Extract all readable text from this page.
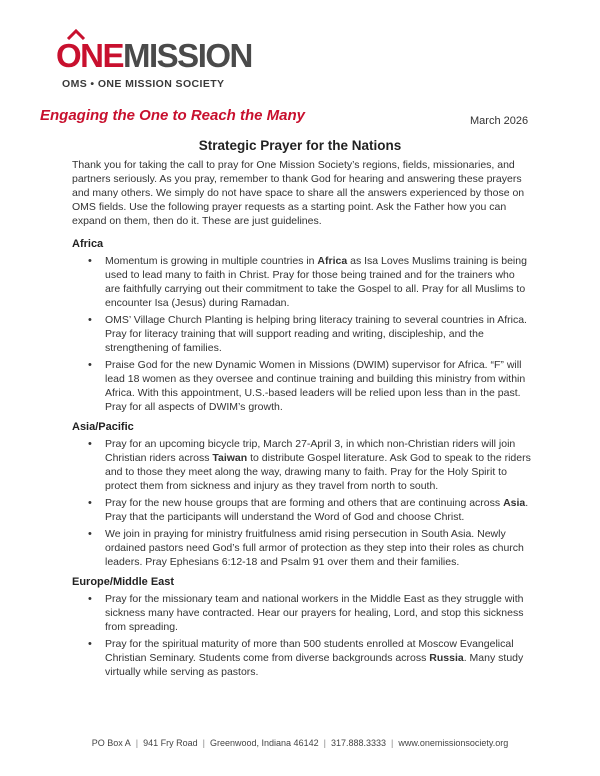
ONEMISSION
OMS • ONE MISSION SOCIETY
Engaging the One to Reach the Many	March 2026
Strategic Prayer for the Nations

Thank you for taking the call to pray for One Mission Society’s regions, fields, missionaries, and partners seriously. As you pray, remember to thank God for hearing and answering these prayers and many others. We simply do not have space to share all the answers experienced by those on OMS fields. Use the following prayer requests as a starting point. Ask the Father how you can expand on them, then do it. These are just guidelines.

Africa
• Momentum is growing in multiple countries in Africa as Isa Loves Muslims training is being used to lead many to faith in Christ. Pray for those being trained and for the trainers who are faithfully carrying out their commitment to take the Gospel to all. Pray for all Muslims to encounter Isa (Jesus) during Ramadan.
• OMS’ Village Church Planting is helping bring literacy training to several countries in Africa. Pray for literacy training that will support reading and writing, discipleship, and the strengthening of families.
• Praise God for the new Dynamic Women in Missions (DWIM) supervisor for Africa. “F” will lead 18 women as they oversee and continue training and building this ministry from within Africa. With this appointment, U.S.-based leaders will be relied upon less than in the past. Pray for all aspects of DWIM’s growth.
Asia/Pacific
• Pray for an upcoming bicycle trip, March 27-April 3, in which non-Christian riders will join Christian riders across Taiwan to distribute Gospel literature. Ask God to speak to the riders and to those they meet along the way, drawing many to faith. Pray for the Holy Spirit to protect them from sickness and injury as they travel from north to south.
• Pray for the new house groups that are forming and others that are continuing across Asia. Pray that the participants will understand the Word of God and choose Christ.
• We join in praying for ministry fruitfulness amid rising persecution in South Asia. Newly ordained pastors need God’s full armor of protection as they step into their roles as church leaders. Pray Ephesians 6:12-18 and Psalm 91 over them and their families.
Europe/Middle East
• Pray for the missionary team and national workers in the Middle East as they struggle with sickness many have contracted. Hear our prayers for healing, Lord, and stop this sickness from spreading.
• Pray for the spiritual maturity of more than 500 students enrolled at Moscow Evangelical Christian Seminary. Students come from diverse backgrounds across Russia. Many study virtually while serving as pastors.
PO Box A | 941 Fry Road | Greenwood, Indiana 46142 | 317.888.3333 | www.onemissionsociety.org
